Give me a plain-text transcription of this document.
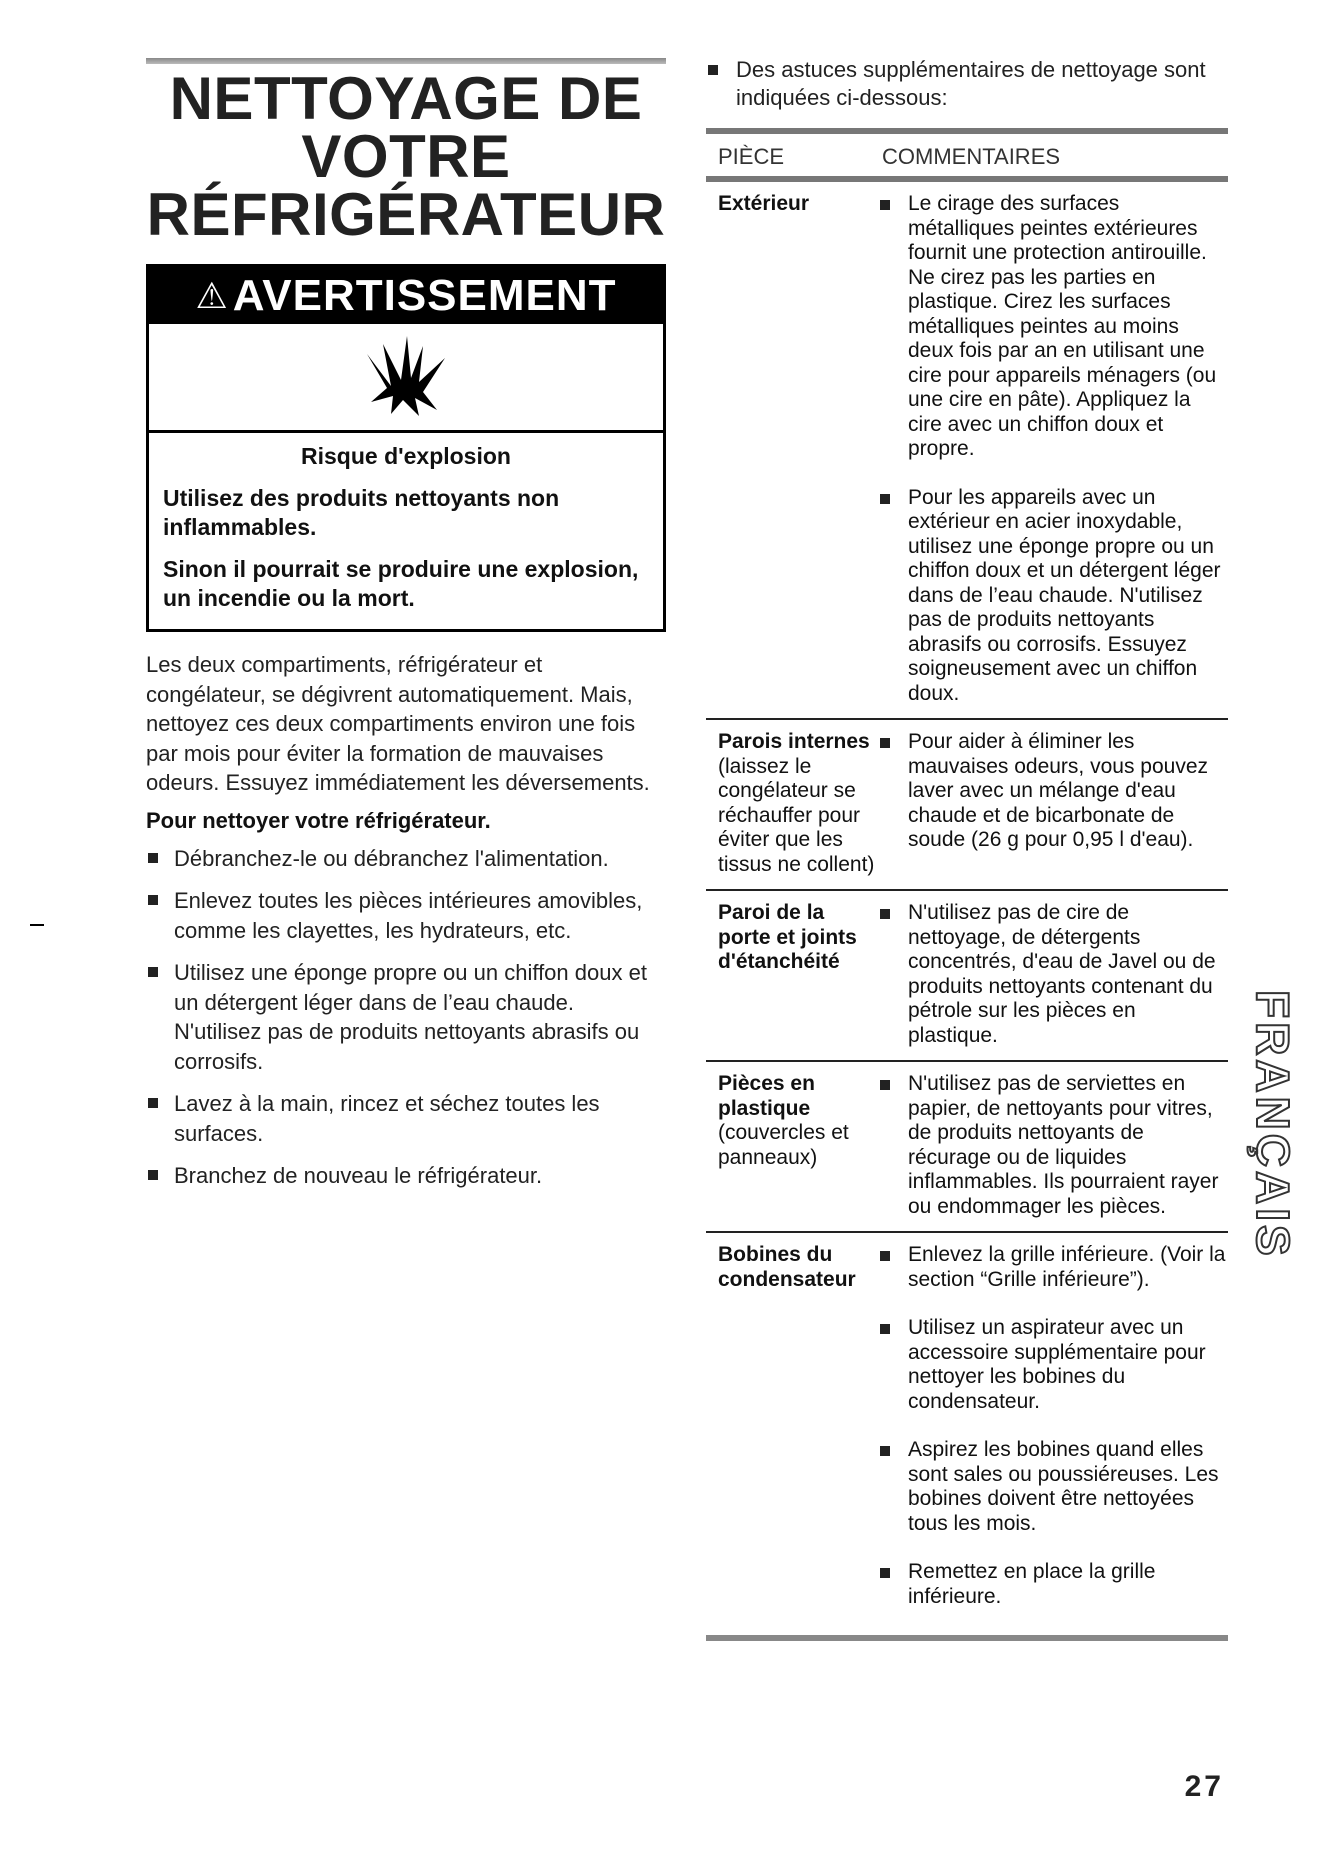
NETTOYAGE DE
VOTRE
RÉFRIGÉRATEUR
⚠AVERTISSEMENT

Risque d'explosion

Utilisez des produits nettoyants non inflammables.

Sinon il pourrait se produire une explosion, un incendie ou la mort.

Les deux compartiments, réfrigérateur et congélateur, se dégivrent automatiquement. Mais, nettoyez ces deux compartiments environ une fois par mois pour éviter la formation de mauvaises odeurs. Essuyez immédiatement les déversements.

Pour nettoyer votre réfrigérateur.

Débranchez-le ou débranchez l'alimentation.
Enlevez toutes les pièces intérieures amovibles, comme les clayettes, les hydrateurs, etc.
Utilisez une éponge propre ou un chiffon doux et un détergent léger dans de l’eau chaude. N'utilisez pas de produits nettoyants abrasifs ou corrosifs.
Lavez à la main, rincez et séchez toutes les surfaces.
Branchez de nouveau le réfrigérateur.
Des astuces supplémentaires de nettoyage sont indiquées ci-dessous:
PIÈCE	COMMENTAIRES

Extérieur	Le cirage des surfaces métalliques peintes extérieures fournit une protection antirouille. Ne cirez pas les parties en plastique. Cirez les surfaces métalliques peintes au moins deux fois par an en utilisant une cire pour appareils ménagers (ou une cire en pâte). Appliquez la cire avec un chiffon doux et propre.
Pour les appareils avec un extérieur en acier inoxydable, utilisez une éponge propre ou un chiffon doux et un détergent léger dans de l’eau chaude. N'utilisez pas de produits nettoyants abrasifs ou corrosifs. Essuyez soigneusement avec un chiffon doux.

Parois internes
(laissez le congélateur se réchauffer pour éviter que les tissus ne collent)	Pour aider à éliminer les mauvaises odeurs, vous pouvez laver avec un mélange d'eau chaude et de bicarbonate de soude (26 g pour 0,95 l d'eau).

Paroi de la porte et joints d'étanchéité	N'utilisez pas de cire de nettoyage, de détergents concentrés, d'eau de Javel ou de produits nettoyants contenant du pétrole sur les pièces en plastique.

Pièces en plastique
(couvercles et panneaux)	N'utilisez pas de serviettes en papier, de nettoyants pour vitres, de produits nettoyants de récurage ou de liquides inflammables. Ils pourraient rayer ou endommager les pièces.

Bobines du condensateur	Enlevez la grille inférieure. (Voir la section “Grille inférieure”).
Utilisez un aspirateur avec un accessoire supplémentaire pour nettoyer les bobines du condensateur.
Aspirez les bobines quand elles sont sales ou poussiéreuses. Les bobines doivent être nettoyées tous les mois.
Remettez en place la grille inférieure.
FRANÇAIS
27
